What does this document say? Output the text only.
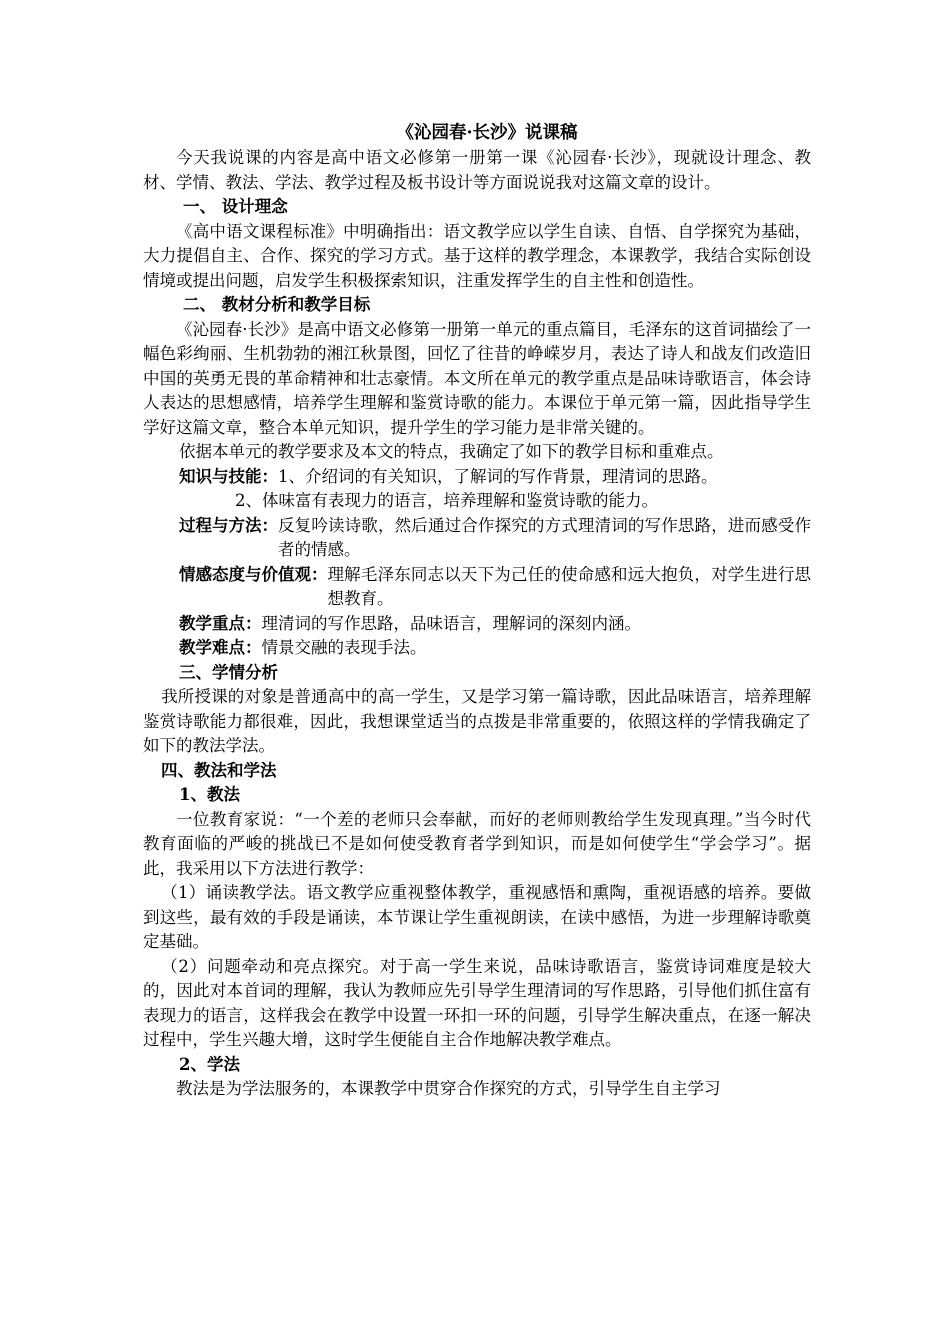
《沁园春·长沙》说课稿

今天我说课的内容是高中语文必修第一册第一课《沁园春·长沙》，现就设计理念、教材、学情、教法、学法、教学过程及板书设计等方面说说我对这篇文章的设计。

一、 设计理念

《高中语文课程标准》中明确指出：语文教学应以学生自读、自悟、自学探究为基础，大力提倡自主、合作、探究的学习方式。基于这样的教学理念，本课教学，我结合实际创设情境或提出问题，启发学生积极探索知识，注重发挥学生的自主性和创造性。

二、 教材分析和教学目标

《沁园春·长沙》是高中语文必修第一册第一单元的重点篇目，毛泽东的这首词描绘了一幅色彩绚丽、生机勃勃的湘江秋景图，回忆了往昔的峥嵘岁月，表达了诗人和战友们改造旧中国的英勇无畏的革命精神和壮志豪情。本文所在单元的教学重点是品味诗歌语言，体会诗人表达的思想感情，培养学生理解和鉴赏诗歌的能力。本课位于单元第一篇，因此指导学生学好这篇文章，整合本单元知识，提升学生的学习能力是非常关键的。

依据本单元的教学要求及本文的特点，我确定了如下的教学目标和重难点。

知识与技能： 1、介绍词的有关知识，了解词的写作背景，理清词的思路。

2、体味富有表现力的语言，培养理解和鉴赏诗歌的能力。

过程与方法： 反复吟读诗歌，然后通过合作探究的方式理清词的写作思路，进而感受作者的情感。
情感态度与价值观： 理解毛泽东同志以天下为己任的使命感和远大抱负，对学生进行思想教育。
教学重点： 理清词的写作思路，品味语言，理解词的深刻内涵。
教学难点： 情景交融的表现手法。

三、学情分析

我所授课的对象是普通高中的高一学生，又是学习第一篇诗歌，因此品味语言，培养理解鉴赏诗歌能力都很难，因此，我想课堂适当的点拨是非常重要的，依照这样的学情我确定了如下的教法学法。

四、教法和学法

1、教法

一位教育家说：“一个差的老师只会奉献，而好的老师则教给学生发现真理。”当今时代教育面临的严峻的挑战已不是如何使受教育者学到知识，而是如何使学生“学会学习”。据此，我采用以下方法进行教学：

（1）诵读教学法。语文教学应重视整体教学，重视感悟和熏陶，重视语感的培养。要做到这些，最有效的手段是诵读，本节课让学生重视朗读，在读中感悟，为进一步理解诗歌奠定基础。

（2）问题牵动和亮点探究。对于高一学生来说，品味诗歌语言，鉴赏诗词难度是较大的，因此对本首词的理解，我认为教师应先引导学生理清词的写作思路，引导他们抓住富有表现力的语言，这样我会在教学中设置一环扣一环的问题，引导学生解决重点，在逐一解决过程中，学生兴趣大增，这时学生便能自主合作地解决教学难点。

2、学法

教法是为学法服务的，本课教学中贯穿合作探究的方式，引导学生自主学习
